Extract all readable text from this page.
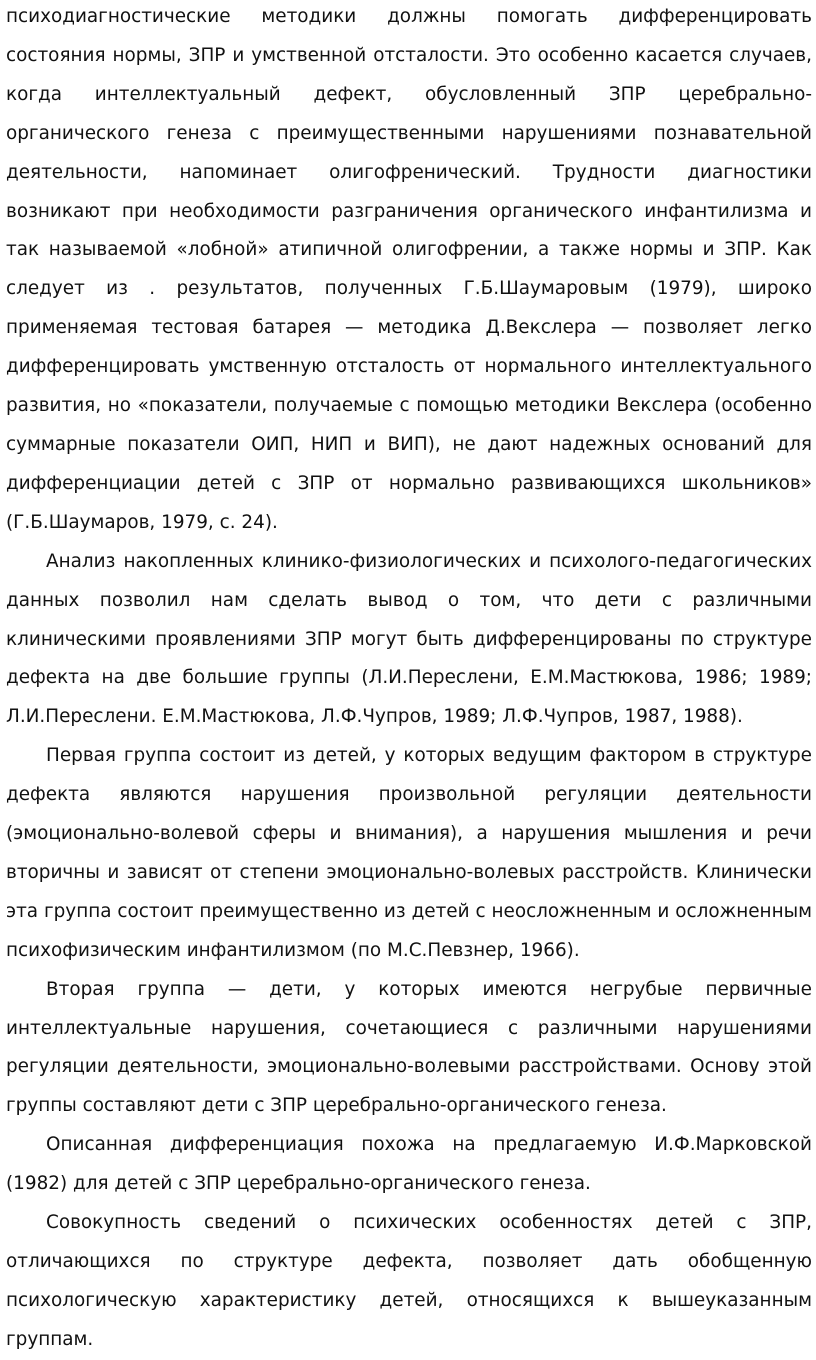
психодиагностические методики должны помогать дифференцировать состояния нормы, ЗПР и умственной отсталости. Это особенно касается случаев, когда интеллектуальный дефект, обусловленный ЗПР церебрально-органического генеза с преимущественными нарушениями познавательной деятельности, напоминает олигофренический. Трудности диагностики возникают при необходимости разграничения органического инфантилизма и так называемой «лобной» атипичной олигофрении, а также нормы и ЗПР. Как следует из . результатов, полученных Г.Б.Шаумаровым (1979), широко применяемая тестовая батарея — методика Д.Векслера — позволяет легко дифференцировать умственную отсталость от нормального интеллектуального развития, но «показатели, получаемые с помощью методики Векслера (особенно суммарные показатели ОИП, НИП и ВИП), не дают надежных оснований для дифференциации детей с ЗПР от нормально развивающихся школьников» (Г.Б.Шаумаров, 1979, с. 24).

Анализ накопленных клинико-физиологических и психолого-педагогических данных позволил нам сделать вывод о том, что дети с различными клиническими проявлениями ЗПР могут быть дифференцированы по структуре дефекта на две большие группы (Л.И.Переслени, Е.М.Мастюкова, 1986; 1989; Л.И.Переслени. Е.М.Мастюкова, Л.Ф.Чупров, 1989; Л.Ф.Чупров, 1987, 1988).

Первая группа состоит из детей, у которых ведущим фактором в структуре дефекта являются нарушения произвольной регуляции деятельности (эмоционально-волевой сферы и внимания), а нарушения мышления и речи вторичны и зависят от степени эмоционально-волевых расстройств. Клинически эта группа состоит преимущественно из детей с неосложненным и осложненным психофизическим инфантилизмом (по М.С.Певзнер, 1966).

Вторая группа — дети, у которых имеются негрубые первичные интеллектуальные нарушения, сочетающиеся с различными нарушениями регуляции деятельности, эмоционально-волевыми расстройствами. Основу этой группы составляют дети с ЗПР церебрально-органического генеза.

Описанная дифференциация похожа на предлагаемую И.Ф.Марковской (1982) для детей с ЗПР церебрально-органического генеза.

Совокупность сведений о психических особенностях детей с ЗПР, отличающихся по структуре дефекта, позволяет дать обобщенную психологическую характеристику детей, относящихся к вышеуказанным группам.
